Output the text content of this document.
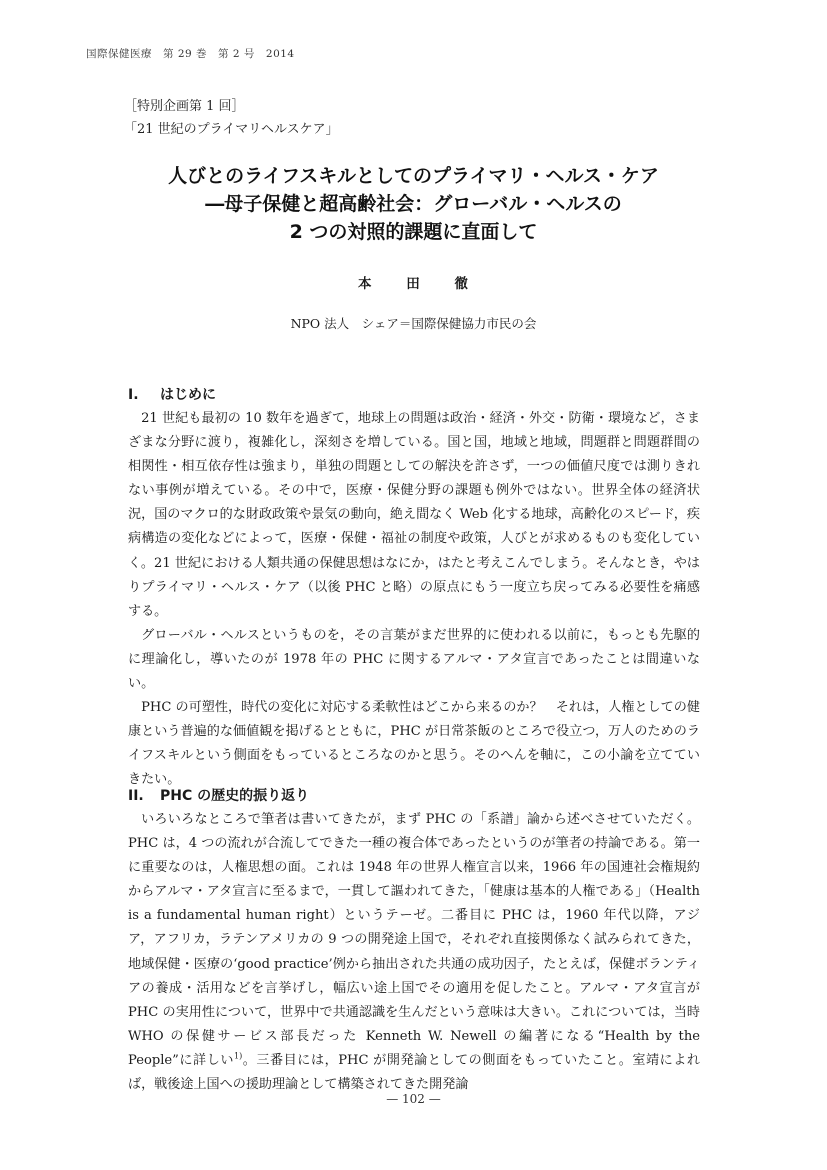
国際保健医療　第 29 巻　第 2 号　2014
［特別企画第 1 回］
「21 世紀のプライマリヘルスケア」
人びとのライフスキルとしてのプライマリ・ヘルス・ケア
―母子保健と超高齢社会：グローバル・ヘルスの
2 つの対照的課題に直面して
本 田 徹
NPO 法人　シェア＝国際保健協力市民の会
I. はじめに

21 世紀も最初の 10 数年を過ぎて，地球上の問題は政治・経済・外交・防衛・環境など，さまざまな分野に渡り，複雑化し，深刻さを増している。国と国，地域と地域，問題群と問題群間の相関性・相互依存性は強まり，単独の問題としての解決を許さず，一つの価値尺度では測りきれない事例が増えている。その中で，医療・保健分野の課題も例外ではない。世界全体の経済状況，国のマクロ的な財政政策や景気の動向，絶え間なく Web 化する地球，高齢化のスピード，疾病構造の変化などによって，医療・保健・福祉の制度や政策，人びとが求めるものも変化していく。21 世紀における人類共通の保健思想はなにか，はたと考えこんでしまう。そんなとき，やはりプライマリ・ヘルス・ケア（以後 PHC と略）の原点にもう一度立ち戻ってみる必要性を痛感する。

グローバル・ヘルスというものを，その言葉がまだ世界的に使われる以前に，もっとも先駆的に理論化し，導いたのが 1978 年の PHC に関するアルマ・アタ宣言であったことは間違いない。

PHC の可塑性，時代の変化に対応する柔軟性はどこから来るのか？　それは，人権としての健康という普遍的な価値観を掲げるとともに，PHC が日常茶飯のところで役立つ，万人のためのライフスキルという側面をもっているところなのかと思う。そのへんを軸に，この小論を立てていきたい。

II. PHC の歴史的振り返り

いろいろなところで筆者は書いてきたが，まず PHC の「系譜」論から述べさせていただく。PHC は，4 つの流れが合流してできた一種の複合体であったというのが筆者の持論である。第一に重要なのは，人権思想の面。これは 1948 年の世界人権宣言以来，1966 年の国連社会権規約からアルマ・アタ宣言に至るまで，一貫して謳われてきた，「健康は基本的人権である」（Health is a fundamental human right）というテーゼ。二番目に PHC は，1960 年代以降，アジア，アフリカ，ラテンアメリカの 9 つの開発途上国で，それぞれ直接関係なく試みられてきた，地域保健・医療の‘good practice’例から抽出された共通の成功因子，たとえば，保健ボランティアの養成・活用などを言挙げし，幅広い途上国でその適用を促したこと。アルマ・アタ宣言が PHC の実用性について，世界中で共通認識を生んだという意味は大きい。これについては，当時 WHO の保健サービス部長だった Kenneth W. Newell の編著になる“Health by the People”に詳しい$^{1)}$。三番目には，PHC が開発論としての側面をもっていたこと。室靖によれば，戦後途上国への援助理論として構築されてきた開発論

— 102 —
